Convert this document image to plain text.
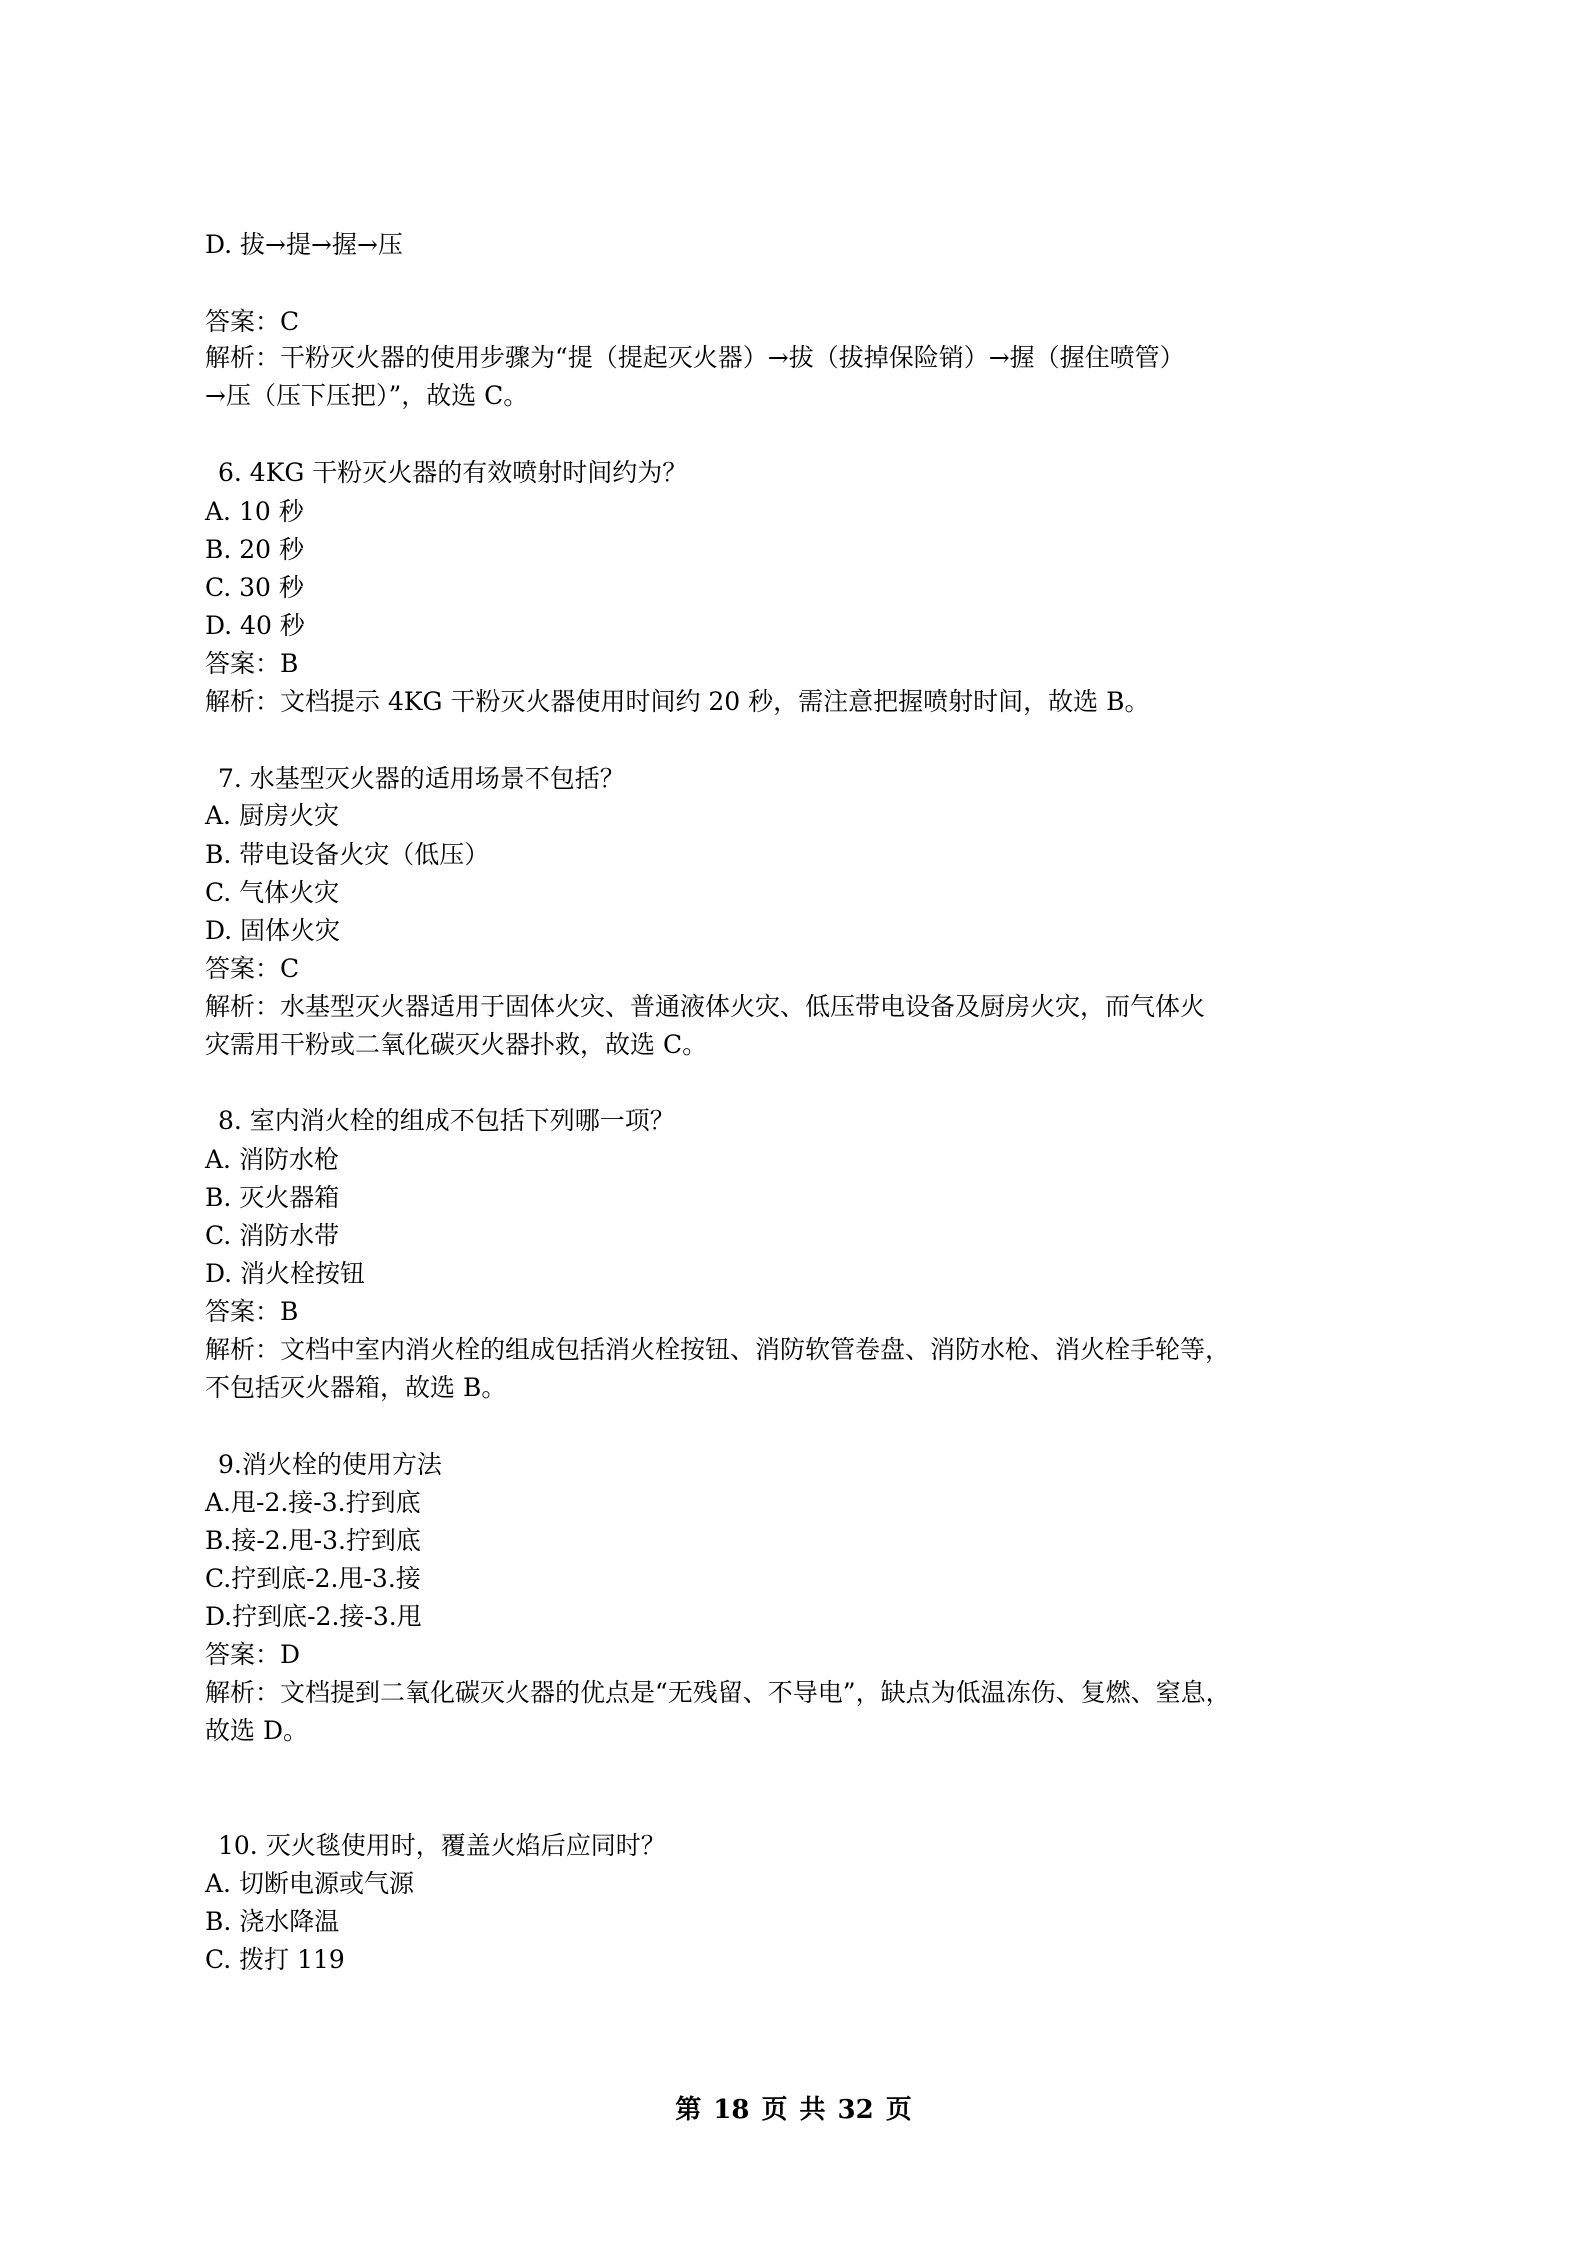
D. 拔→提→握→压
答案：C
解析：干粉灭火器的使用步骤为“提（提起灭火器）→拔（拔掉保险销）→握（握住喷管）
→压（压下压把）”，故选 C。
6. 4KG 干粉灭火器的有效喷射时间约为？
A. 10 秒
B. 20 秒
C. 30 秒
D. 40 秒
答案：B
解析：文档提示 4KG 干粉灭火器使用时间约 20 秒，需注意把握喷射时间，故选 B。
7. 水基型灭火器的适用场景不包括？
A. 厨房火灾
B. 带电设备火灾（低压）
C. 气体火灾
D. 固体火灾
答案：C
解析：水基型灭火器适用于固体火灾、普通液体火灾、低压带电设备及厨房火灾，而气体火
灾需用干粉或二氧化碳灭火器扑救，故选 C。
8. 室内消火栓的组成不包括下列哪一项？
A. 消防水枪
B. 灭火器箱
C. 消防水带
D. 消火栓按钮
答案：B
解析：文档中室内消火栓的组成包括消火栓按钮、消防软管卷盘、消防水枪、消火栓手轮等，
不包括灭火器箱，故选 B。
9.消火栓的使用方法
A.甩-2.接-3.拧到底
B.接-2.甩-3.拧到底
C.拧到底-2.甩-3.接
D.拧到底-2.接-3.甩
答案：D
解析：文档提到二氧化碳灭火器的优点是“无残留、不导电”，缺点为低温冻伤、复燃、窒息，
故选 D。
10. 灭火毯使用时，覆盖火焰后应同时？
A. 切断电源或气源
B. 浇水降温
C. 拨打 119
第 18 页 共 32 页
